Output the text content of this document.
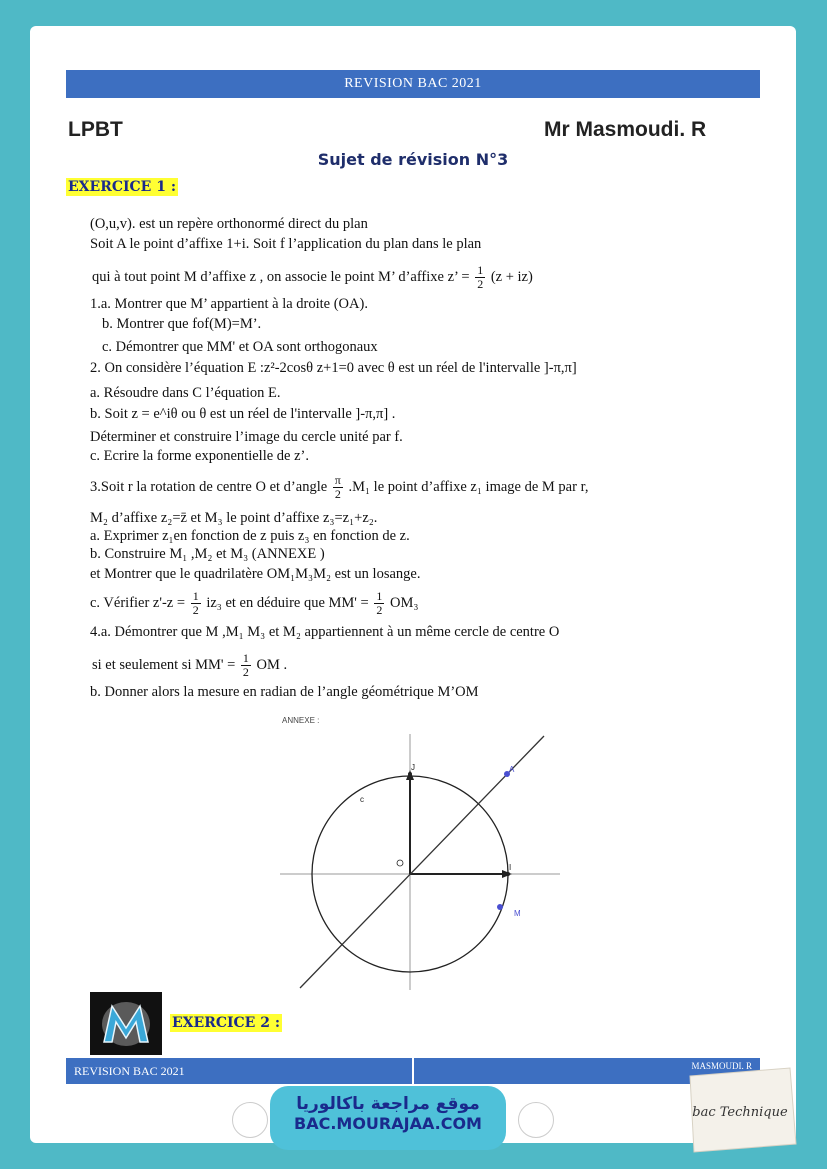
REVISION BAC 2021
LPBT	Mr Masmoudi. R
Sujet de révision N°3
EXERCICE 1 :
(O,u,v). est un repère orthonormé direct du plan
Soit A le point d’affixe 1+i. Soit f l’application du plan dans le plan
qui à tout point M d’affixe z , on associe le point M’ d’affixe z’ = $\frac{1}{2} (z + iz)$
1.a. Montrer que M’ appartient à la droite (OA).
b. Montrer que fof(M)=M’.
c. Démontrer que MM' et OA sont orthogonaux
2. On considère l’équation E :z²-2cosθ z+1=0 avec θ est un réel de l'intervalle ]-π,π]
a. Résoudre dans C l’équation E.
b. Soit z = e^iθ ou θ est un réel de l'intervalle ]-π,π] .
Déterminer et construire l’image du cercle unité par f.
c. Ecrire la forme exponentielle de z’.
3.Soit r la rotation de centre O et d’angle $\frac{\pi}{2} .M_1$ le point d’affixe z₁ image de M par r,
M₂ d’affixe z₂=z̄ et M₃ le point d’affixe z₃=z₁+z₂.
a. Exprimer z₁en fonction de z puis z₃ en fonction de z.
b. Construire M₁ ,M₂ et M₃ (ANNEXE )
et Montrer que le quadrilatère OM₁M₃M₂ est un losange.
c. Vérifier $z'-z = \frac{1}{2} iz_3$ et en déduire que $MM' = \frac{1}{2} OM_3$
4.a. Démontrer que M ,M₁ M₃ et M₂ appartiennent à un même cercle de centre O
si et seulement si $MM' = \frac{1}{2}$ OM .
b. Donner alors la mesure en radian de l’angle géométrique M’OM
ANNEXE :
J
I
A
M
c
EXERCICE 2 :
REVISION BAC 2021	MASMOUDI. R
موقع مراجعة باكالوريا
BAC.MOURAJAA.COM
bac Technique
